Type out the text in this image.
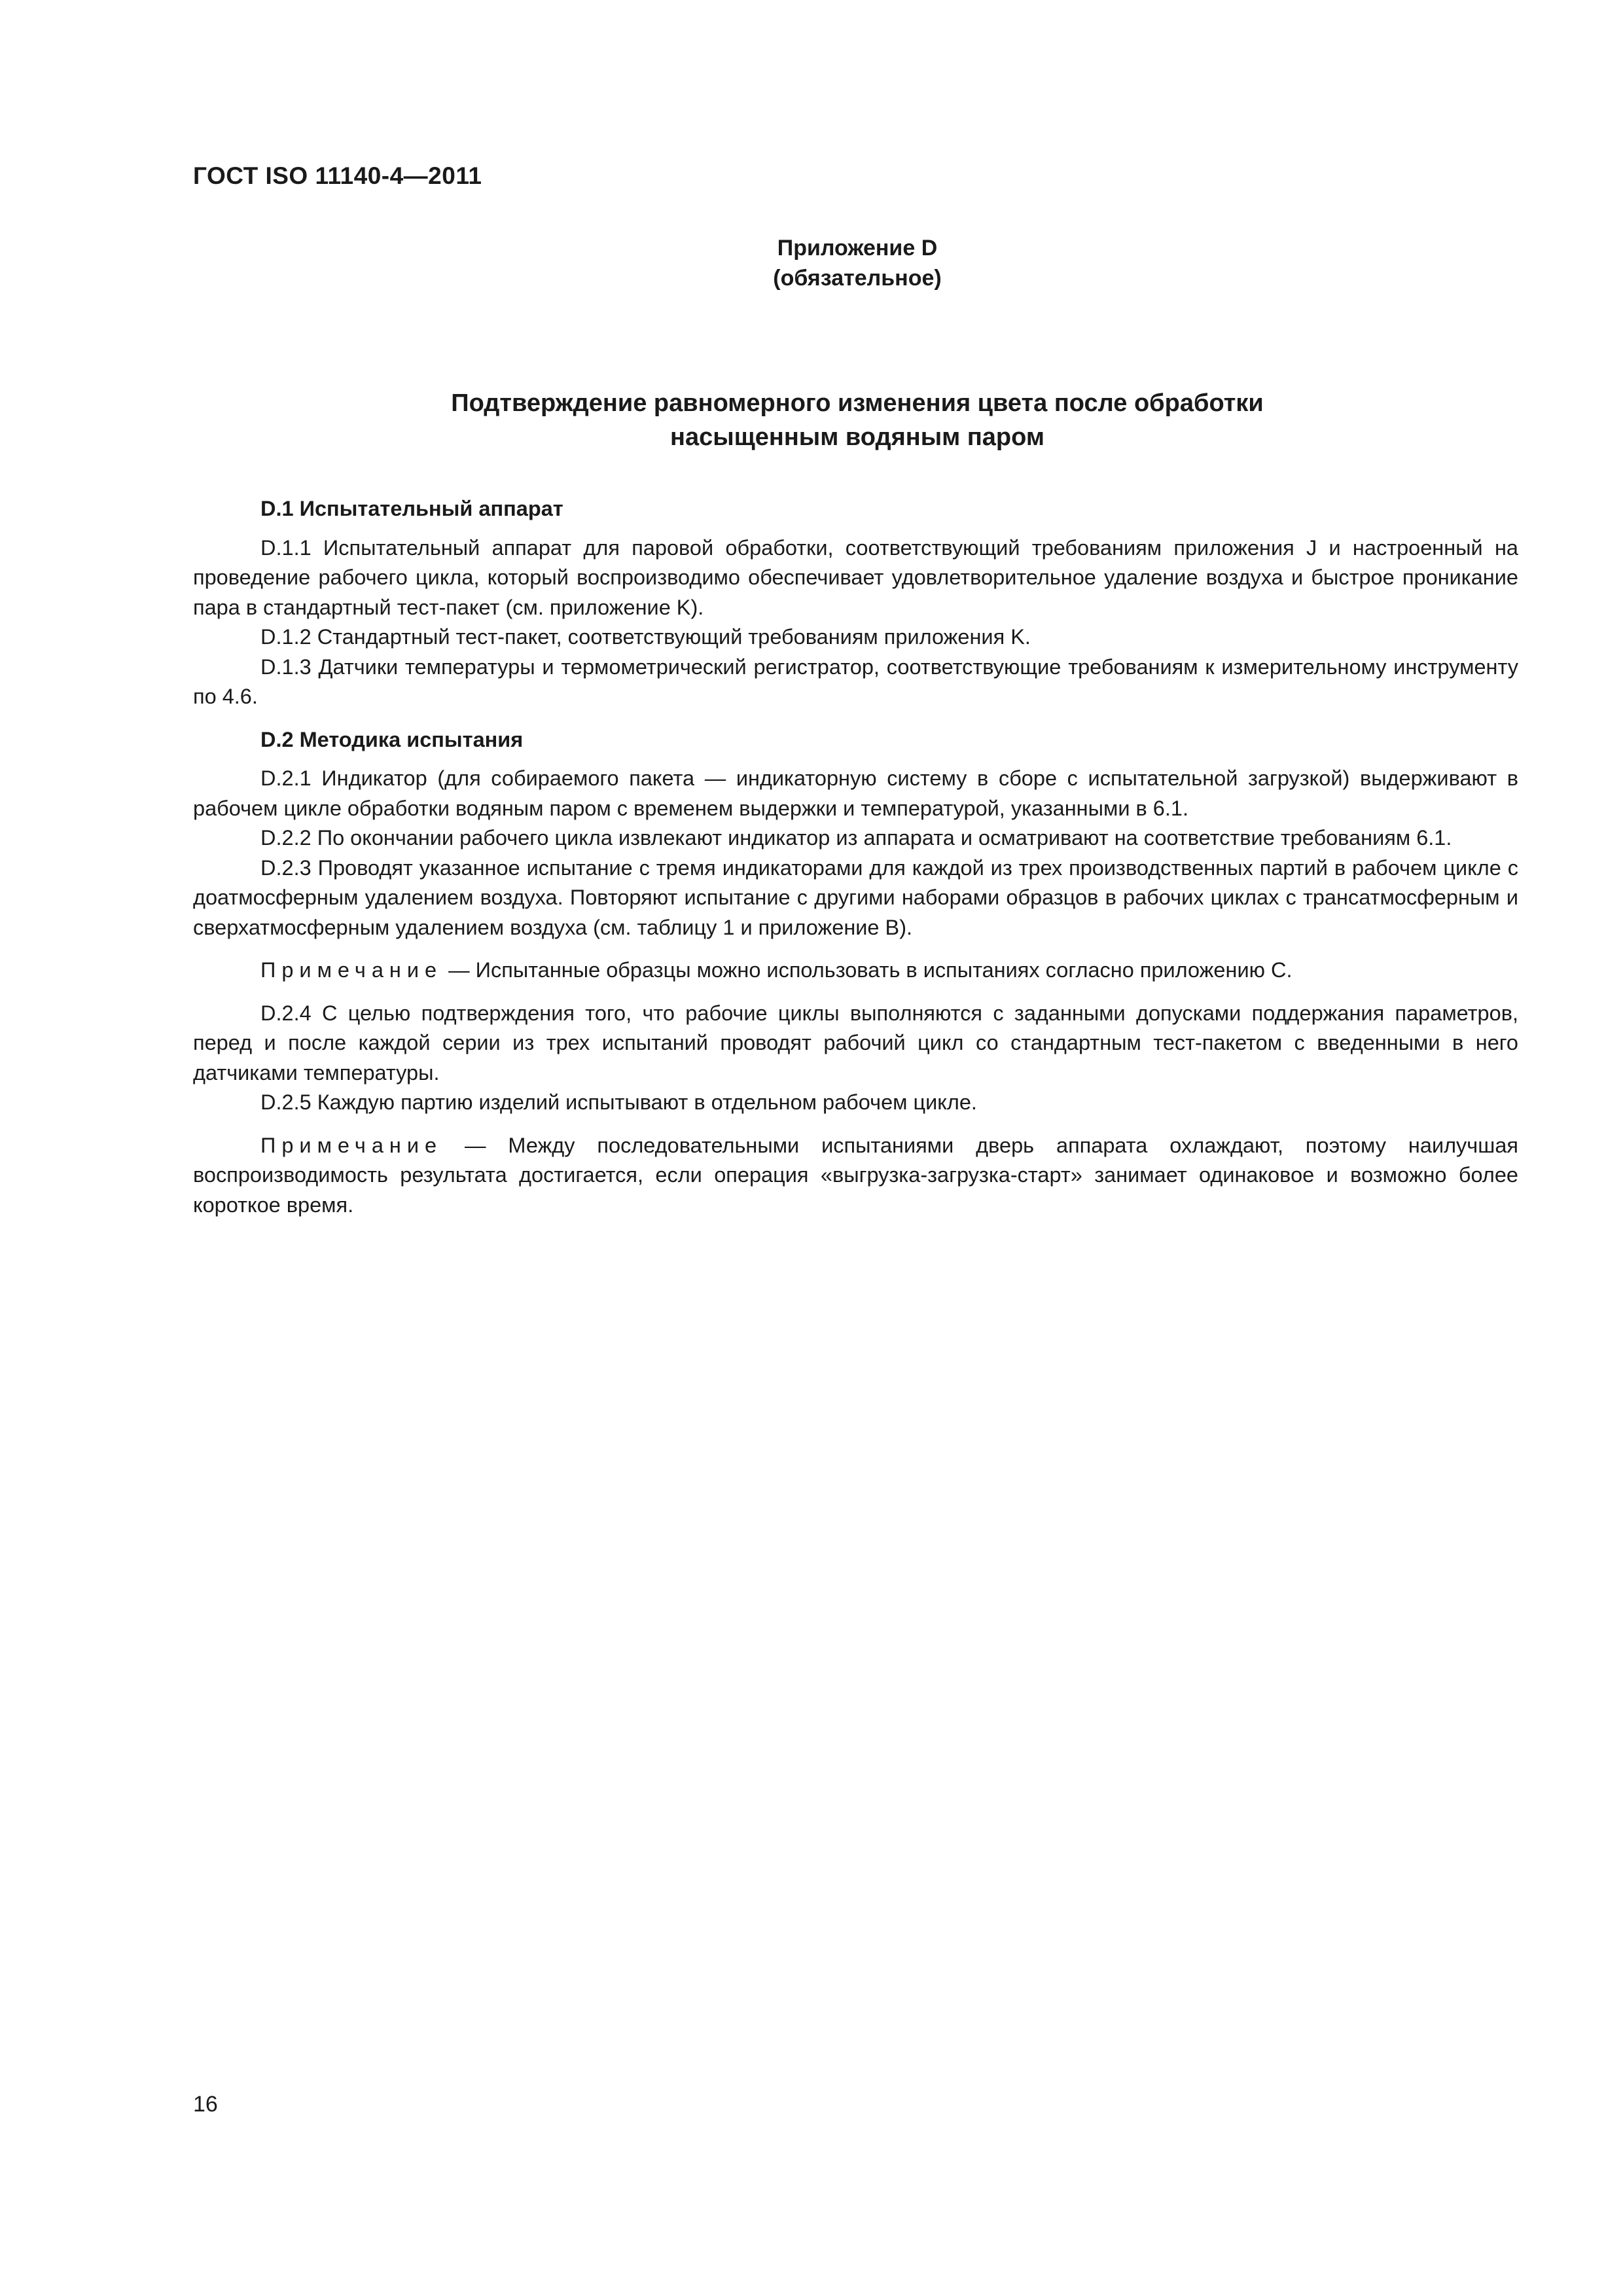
ГОСТ ISO 11140-4—2011
Приложение D
(обязательное)
Подтверждение равномерного изменения цвета после обработки
насыщенным водяным паром
D.1 Испытательный аппарат

D.1.1 Испытательный аппарат для паровой обработки, соответствующий требованиям приложения J и настроенный на проведение рабочего цикла, который воспроизводимо обеспечивает удовлетворительное удаление воздуха и быстрое проникание пара в стандартный тест-пакет (см. приложение K).

D.1.2 Стандартный тест-пакет, соответствующий требованиям приложения K.

D.1.3 Датчики температуры и термометрический регистратор, соответствующие требованиям к измерительному инструменту по 4.6.

D.2 Методика испытания

D.2.1 Индикатор (для собираемого пакета — индикаторную систему в сборе с испытательной загрузкой) выдерживают в рабочем цикле обработки водяным паром с временем выдержки и температурой, указанными в 6.1.

D.2.2 По окончании рабочего цикла извлекают индикатор из аппарата и осматривают на соответствие требованиям 6.1.

D.2.3 Проводят указанное испытание с тремя индикаторами для каждой из трех производственных партий в рабочем цикле с доатмосферным удалением воздуха. Повторяют испытание с другими наборами образцов в рабочих циклах с трансатмосферным и сверхатмосферным удалением воздуха (см. таблицу 1 и приложение B).

Примечание — Испытанные образцы можно использовать в испытаниях согласно приложению C.

D.2.4 С целью подтверждения того, что рабочие циклы выполняются с заданными допусками поддержания параметров, перед и после каждой серии из трех испытаний проводят рабочий цикл со стандартным тест-пакетом с введенными в него датчиками температуры.

D.2.5 Каждую партию изделий испытывают в отдельном рабочем цикле.

Примечание — Между последовательными испытаниями дверь аппарата охлаждают, поэтому наилучшая воспроизводимость результата достигается, если операция «выгрузка-загрузка-старт» занимает одинаковое и возможно более короткое время.

16
